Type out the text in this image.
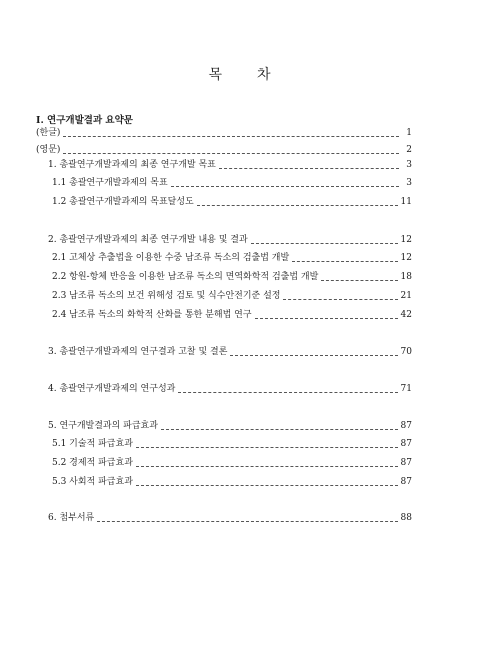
목 차
Ⅰ. 연구개발결과 요약문
(한글)	1
(영문)	2
1. 총괄연구개발과제의 최종 연구개발 목표	3
1.1 총괄연구개발과제의 목표	3
1.2 총괄연구개발과제의 목표달성도	11
2. 총괄연구개발과제의 최종 연구개발 내용 및 결과	12
2.1 고체상 추출법을 이용한 수중 남조류 독소의 검출법 개발	12
2.2 항원-항체 반응을 이용한 남조류 독소의 면역화학적 검출법 개발	18
2.3 남조류 독소의 보건 위해성 검토 및 식수안전기준 설정	21
2.4 남조류 독소의 화학적 산화를 통한 분해법 연구	42
3. 총괄연구개발과제의 연구결과 고찰 및 결론	70
4. 총괄연구개발과제의 연구성과	71
5. 연구개발결과의 파급효과	87
5.1 기술적 파급효과	87
5.2 경제적 파급효과	87
5.3 사회적 파급효과	87
6. 첨부서류	88
